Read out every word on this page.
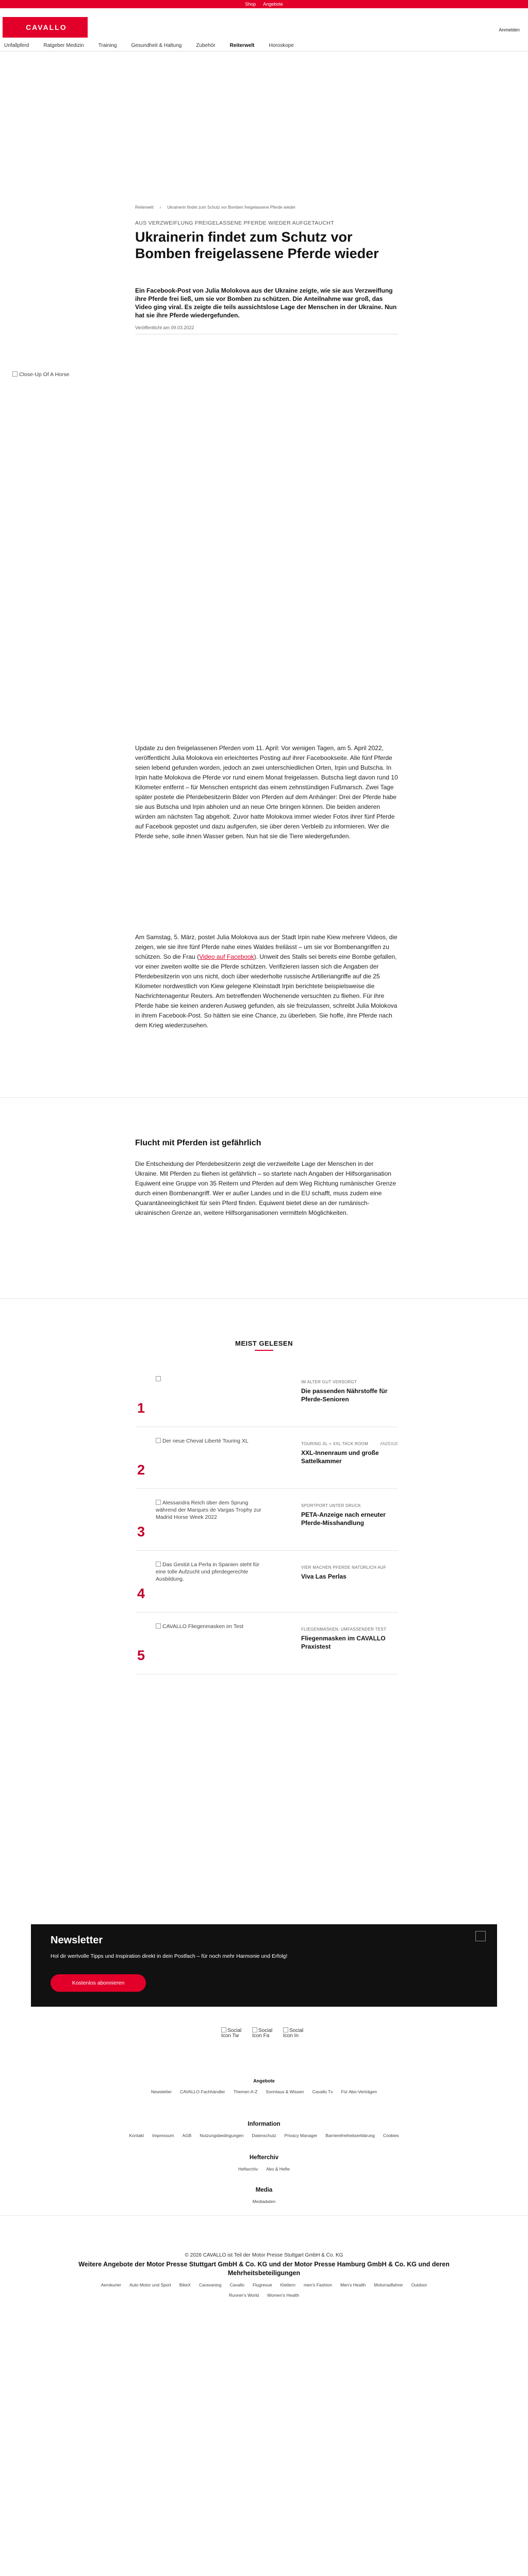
Shop Angebote
CAVALLO	Anmelden
Unfallpferd	Ratgeber Medizin	Training	Gesundheit & Haltung	Zubehör	Reiterwelt	Horoskope
Reiterwelt › Ukrainerin findet zum Schutz vor Bomben freigelassene Pferde wieder
AUS VERZWEIFLUNG FREIGELASSENE PFERDE WIEDER AUFGETAUCHT
Ukrainerin findet zum Schutz vor Bomben freigelassene Pferde wieder

Ein Facebook-Post von Julia Molokova aus der Ukraine zeigte, wie sie aus Verzweiflung ihre Pferde frei ließ, um sie vor Bomben zu schützen. Die Anteilnahme war groß, das Video ging viral. Es zeigte die teils aussichtslose Lage der Menschen in der Ukraine. Nun hat sie ihre Pferde wiedergefunden.

Veröffentlicht am 09.03.2022
Close-Up Of A Horse

Update zu den freigelassenen Pferden vom 11. April: Vor wenigen Tagen, am 5. April 2022, veröffentlicht Julia Molokova ein erleichtertes Posting auf ihrer Facebookseite. Alle fünf Pferde seien lebend gefunden worden, jedoch an zwei unterschiedlichen Orten, Irpin und Butscha. In Irpin hatte Molokova die Pferde vor rund einem Monat freigelassen. Butscha liegt davon rund 10 Kilometer entfernt – für Menschen entspricht das einem zehnstündigen Fußmarsch. Zwei Tage später postete die Pferdebesitzerin Bilder von Pferden auf dem Anhänger: Drei der Pferde habe sie aus Butscha und Irpin abholen und an neue Orte bringen können. Die beiden anderen würden am nächsten Tag abgeholt. Zuvor hatte Molokova immer wieder Fotos ihrer fünf Pferde auf Facebook gepostet und dazu aufgerufen, sie über deren Verbleib zu informieren. Wer die Pferde sehe, solle ihnen Wasser geben. Nun hat sie die Tiere wiedergefunden.

Am Samstag, 5. März, postet Julia Molokova aus der Stadt Irpin nahe Kiew mehrere Videos, die zeigen, wie sie ihre fünf Pferde nahe eines Waldes freilässt – um sie vor Bombenangriffen zu schützen. So die Frau (Video auf Facebook). Unweit des Stalls sei bereits eine Bombe gefallen, vor einer zweiten wollte sie die Pferde schützen. Verifizieren lassen sich die Angaben der Pferdebesitzerin von uns nicht, doch über wiederholte russische Artilleriangriffe auf die 25 Kilometer nordwestlich von Kiew gelegene Kleinstadt Irpin berichtete beispielsweise die Nachrichtenagentur Reuters. Am betreffenden Wochenende versuchten zu fliehen. Für ihre Pferde habe sie keinen anderen Ausweg gefunden, als sie freizulassen, schreibt Julia Molokova in ihrem Facebook-Post. So hätten sie eine Chance, zu überleben. Sie hoffe, ihre Pferde nach dem Krieg wiederzusehen.

Flucht mit Pferden ist gefährlich

Die Entscheidung der Pferdebesitzerin zeigt die verzweifelte Lage der Menschen in der Ukraine. Mit Pferden zu fliehen ist gefährlich – so startete nach Angaben der Hilfsorganisation Equiwent eine Gruppe von 35 Reitern und Pferden auf dem Weg Richtung rumänischer Grenze durch einen Bombenangriff. Wer er außer Landes und in die EU schafft, muss zudem eine Quarantäneeinglichkeit für sein Pferd finden. Equiwent bietet diese an der rumänisch-ukrainischen Grenze an, weitere Hilfsorganisationen vermitteln Möglichkeiten.

MEIST GELESEN
1
IM ALTER GUT VERSORGT
Die passenden Nährstoffe für Pferde-Senioren
2
Der neue Cheval Liberté Touring XL	TOURING XL + XXL TACK ROOM	ANZEIGE
XXL-Innenraum und große Sattelkammer
3
Alessandra Reich über dem Sprung während der Marques de Vargas Trophy zur Madrid Horse Week 2022
SPORTPORT UNTER DRUCK
PETA-Anzeige nach erneuter Pferde-Misshandlung
4
Das Gestüt La Perla in Spanien steht für eine tolle Aufzucht und pferdegerechte Ausbildung.
VIER MACHEN PFERDE NATÜRLICH AUF
Viva Las Perlas
5
CAVALLO Fliegenmasken im Test	FLIEGENMASKEN: UMFASSENDER TEST
Fliegenmasken im CAVALLO Praxistest
Newsletter
Hol dir wertvolle Tipps und Inspiration direkt in dein Postfach – für noch mehr Harmonie und Erfolg!
Kostenlos abonnieren
Social Icon Tw
Social Icon Fa
Social Icon In
Newsletter CAVALLO Fachhändler Themen A-Z Sonntaus & Wissen Cavallo Tv Für Abo-Verträgen
Angebote
Information
Kontakt Impressum AGB Nutzungsbedingungen Datenschutz Privacy Manager Barrierefreiheitserklärung Cookies
Hefterchiv
Heftarchiv Abo & Hefte
Media
Mediadaten
© 2026 CAVALLO ist Teil der Motor Presse Stuttgart GmbH & Co. KG
Weitere Angebote der Motor Presse Stuttgart GmbH & Co. KG und der Motor Presse Hamburg GmbH & Co. KG und deren Mehrheitsbeteiligungen
Aerokurier Auto Motor und Sport BikeX Caravaning Cavallo Flugrevue Klettern men's Fashion Men's Health Motorradfahrer Outdoor
Runner's World Women's Health
